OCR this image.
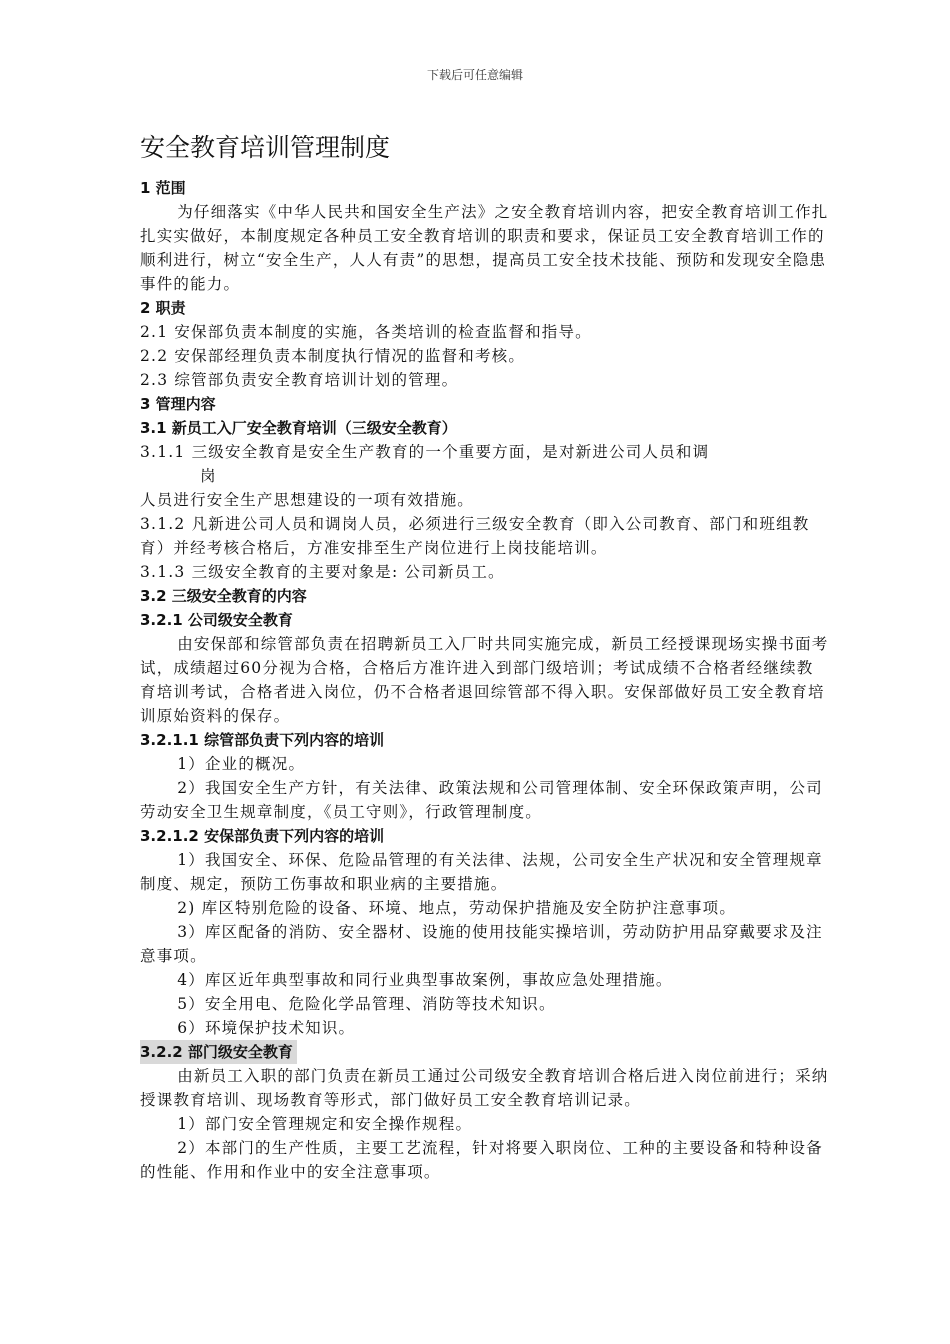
下载后可任意编辑
安全教育培训管理制度
1 范围

为仔细落实《中华人民共和国安全生产法》之安全教育培训内容，把安全教育培训工作扎扎实实做好，本制度规定各种员工安全教育培训的职责和要求，保证员工安全教育培训工作的顺利进行，树立“安全生产，人人有责”的思想，提高员工安全技术技能、预防和发现安全隐患事件的能力。

2 职责

2.1 安保部负责本制度的实施，各类培训的检查监督和指导。

2.2 安保部经理负责本制度执行情况的监督和考核。

2.3 综管部负责安全教育培训计划的管理。

3 管理内容
3.1 新员工入厂安全教育培训（三级安全教育）

3.1.1 三级安全教育是安全生产教育的一个重要方面，是对新进公司人员和调

岗

人员进行安全生产思想建设的一项有效措施。

3.1.2 凡新进公司人员和调岗人员，必须进行三级安全教育（即入公司教育、部门和班组教育）并经考核合格后，方准安排至生产岗位进行上岗技能培训。

3.1.3 三级安全教育的主要对象是: 公司新员工。

3.2 三级安全教育的内容
3.2.1 公司级安全教育

由安保部和综管部负责在招聘新员工入厂时共同实施完成，新员工经授课现场实操书面考试，成绩超过60分视为合格，合格后方准许进入到部门级培训；考试成绩不合格者经继续教育培训考试，合格者进入岗位，仍不合格者退回综管部不得入职。安保部做好员工安全教育培训原始资料的保存。

3.2.1.1 综管部负责下列内容的培训

1）企业的概况。

2）我国安全生产方针，有关法律、政策法规和公司管理体制、安全环保政策声明，公司劳动安全卫生规章制度，《员工守则》，行政管理制度。

3.2.1.2 安保部负责下列内容的培训

1）我国安全、环保、危险品管理的有关法律、法规，公司安全生产状况和安全管理规章制度、规定，预防工伤事故和职业病的主要措施。

2) 库区特别危险的设备、环境、地点，劳动保护措施及安全防护注意事项。

3）库区配备的消防、安全器材、设施的使用技能实操培训，劳动防护用品穿戴要求及注意事项。

4）库区近年典型事故和同行业典型事故案例，事故应急处理措施。

5）安全用电、危险化学品管理、消防等技术知识。

6）环境保护技术知识。

3.2.2 部门级安全教育

由新员工入职的部门负责在新员工通过公司级安全教育培训合格后进入岗位前进行；采纳授课教育培训、现场教育等形式，部门做好员工安全教育培训记录。

1）部门安全管理规定和安全操作规程。

2）本部门的生产性质，主要工艺流程，针对将要入职岗位、工种的主要设备和特种设备的性能、作用和作业中的安全注意事项。
